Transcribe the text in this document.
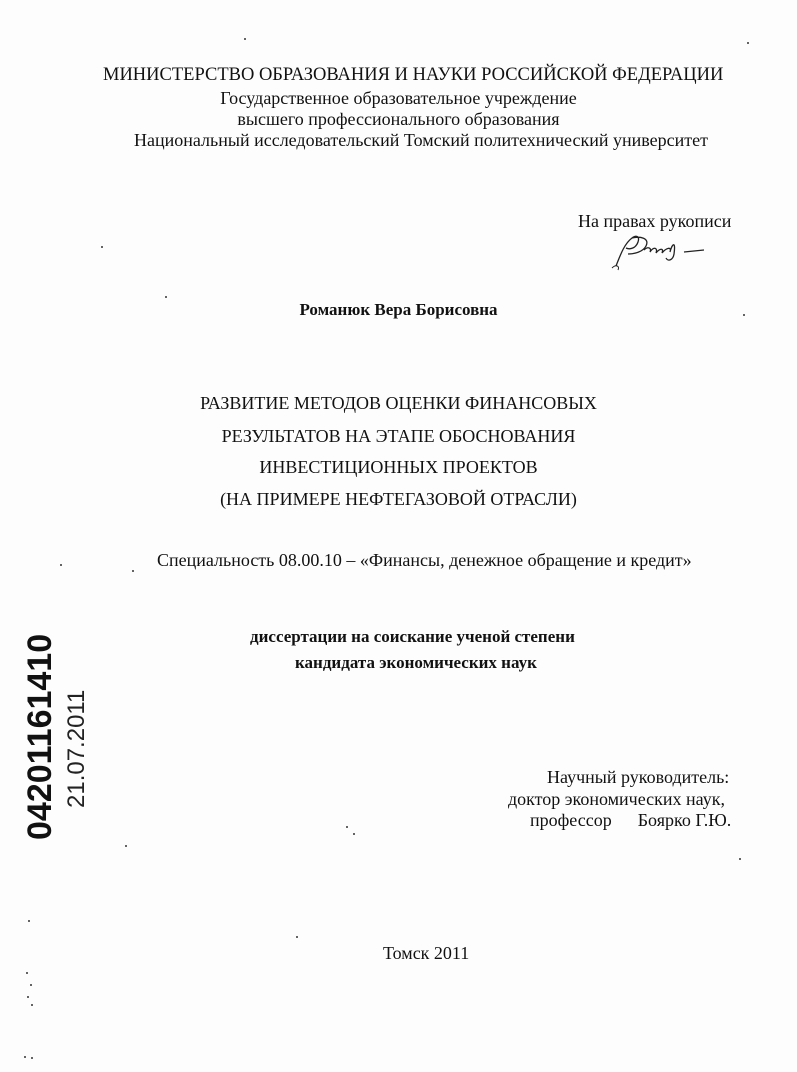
МИНИСТЕРСТВО ОБРАЗОВАНИЯ И НАУКИ РОССИЙСКОЙ ФЕДЕРАЦИИ
Государственное образовательное учреждение
высшего профессионального образования
Национальный исследовательский Томский политехнический университет
На правах рукописи
Романюк Вера Борисовна
РАЗВИТИЕ МЕТОДОВ ОЦЕНКИ ФИНАНСОВЫХ
РЕЗУЛЬТАТОВ НА ЭТАПЕ ОБОСНОВАНИЯ
ИНВЕСТИЦИОННЫХ ПРОЕКТОВ
(НА ПРИМЕРЕ НЕФТЕГАЗОВОЙ ОТРАСЛИ)
Специальность 08.00.10 – «Финансы, денежное обращение и кредит»
диссертации на соискание ученой степени
кандидата экономических наук
Научный руководитель:
доктор экономических наук,
профессор Боярко Г.Ю.
Томск 2011
04201161410 21.07.2011
